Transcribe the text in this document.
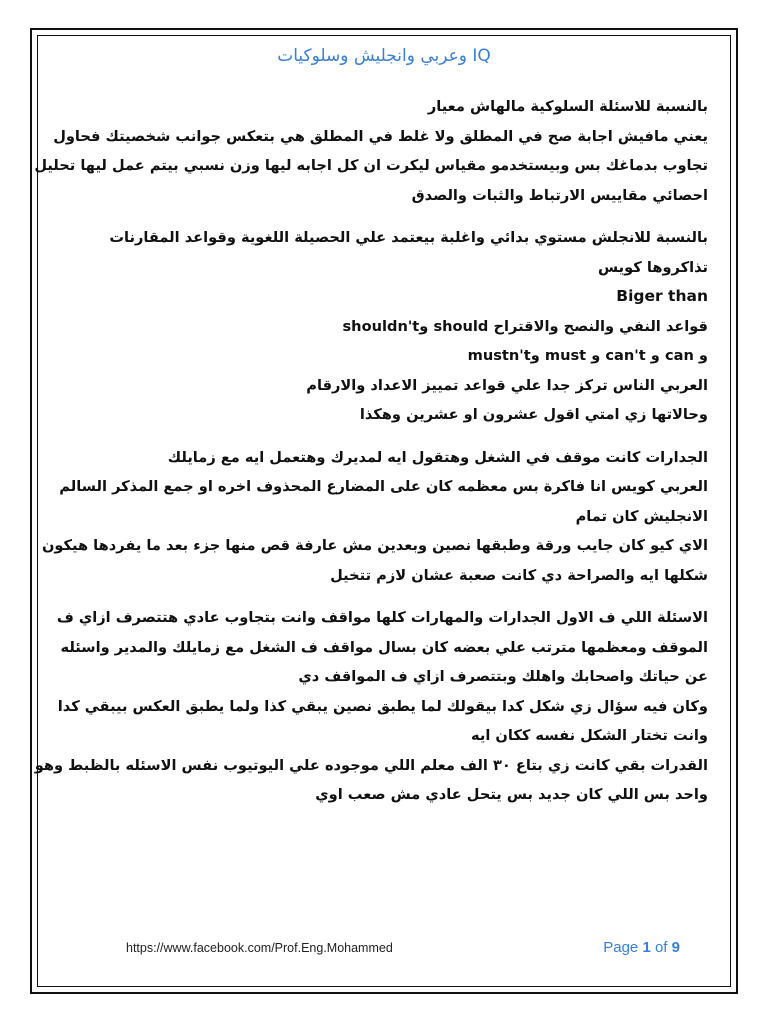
وعربي وانجليش وسلوكيات IQ

بالنسبة للاسئلة السلوكية مالهاش معيار

يعني مافيش اجابة صح في المطلق ولا غلط في المطلق هي بتعكس جوانب شخصيتك فحاول

تجاوب بدماغك بس وبيستخدمو مقياس ليكرت ان كل اجابه ليها وزن نسبي بيتم عمل ليها تحليل

احصائي مقاييس الارتباط والثبات والصدق

بالنسبة للانجلش مستوي بدائي واغلبة بيعتمد علي الحصيلة اللغوية وقواعد المقارنات

تذاكروها كويس

Biger than

قواعد النفي والنصح والاقتراح should وshouldn't

و can و can't و must وmustn't

العربي الناس تركز جدا علي قواعد تمييز الاعداد والارقام

وحالاتها زي امتي اقول عشرون او عشرين وهكذا

الجدارات كانت موقف في الشغل وهتقول ايه لمديرك وهتعمل ايه مع زمايلك

العربي كويس انا فاكرة بس معظمه كان على المضارع المحذوف اخره او جمع المذكر السالم

الانجليش كان تمام

الاي كيو كان جايب ورقة وطبقها نصين وبعدين مش عارفة قص منها جزء بعد ما يفردها هيكون

شكلها ايه والصراحة دي كانت صعبة عشان لازم تتخيل

الاسئلة اللي ف الاول الجدارات والمهارات كلها مواقف وانت بتجاوب عادي هتتصرف ازاي ف

الموقف ومعظمها مترتب علي بعضه كان بسال مواقف ف الشغل مع زمايلك والمدير واسئله

عن حياتك واصحابك واهلك وبتتصرف ازاي ف المواقف دي

وكان فيه سؤال زي شكل كدا بيقولك لما يطبق نصين يبقي كذا ولما يطبق العكس بيبقي كدا

وانت تختار الشكل نفسه ككان ايه

القدرات بقي كانت زي بتاع ٣٠ الف معلم اللي موجوده علي اليوتيوب نفس الاسئله بالظبط وهو

واحد بس اللي كان جديد بس يتحل عادي مش صعب اوي

https://www.facebook.com/Prof.Eng.Mohammed	Page 1 of 9
